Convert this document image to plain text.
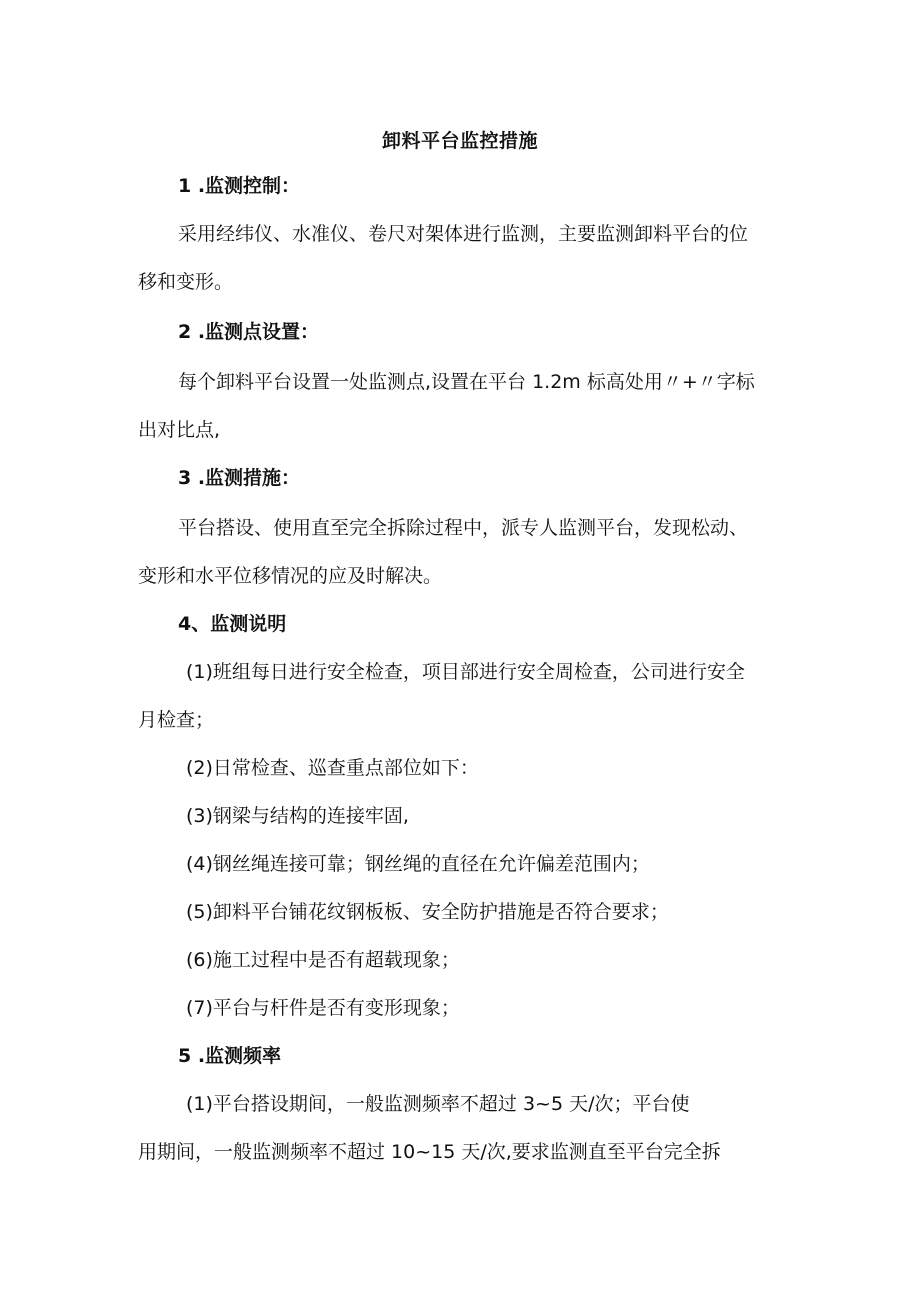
卸料平台监控措施
1 .监测控制：
采用经纬仪、水准仪、卷尺对架体进行监测，主要监测卸料平台的位
移和变形。
2 .监测点设置：
每个卸料平台设置一处监测点,设置在平台 1.2m 标高处用〃+〃字标
出对比点,
3 .监测措施：
平台搭设、使用直至完全拆除过程中，派专人监测平台，发现松动、
变形和水平位移情况的应及时解决。
4、监测说明
(1)班组每日进行安全检查，项目部进行安全周检查，公司进行安全
月检查；
(2)日常检查、巡查重点部位如下：
(3)钢梁与结构的连接牢固,
(4)钢丝绳连接可靠；钢丝绳的直径在允许偏差范围内；
(5)卸料平台铺花纹钢板板、安全防护措施是否符合要求；
(6)施工过程中是否有超载现象；
(7)平台与杆件是否有变形现象；
5 .监测频率
(1)平台搭设期间，一般监测频率不超过 3~5 天/次；平台使
用期间，一般监测频率不超过 10~15 天/次,要求监测直至平台完全拆
